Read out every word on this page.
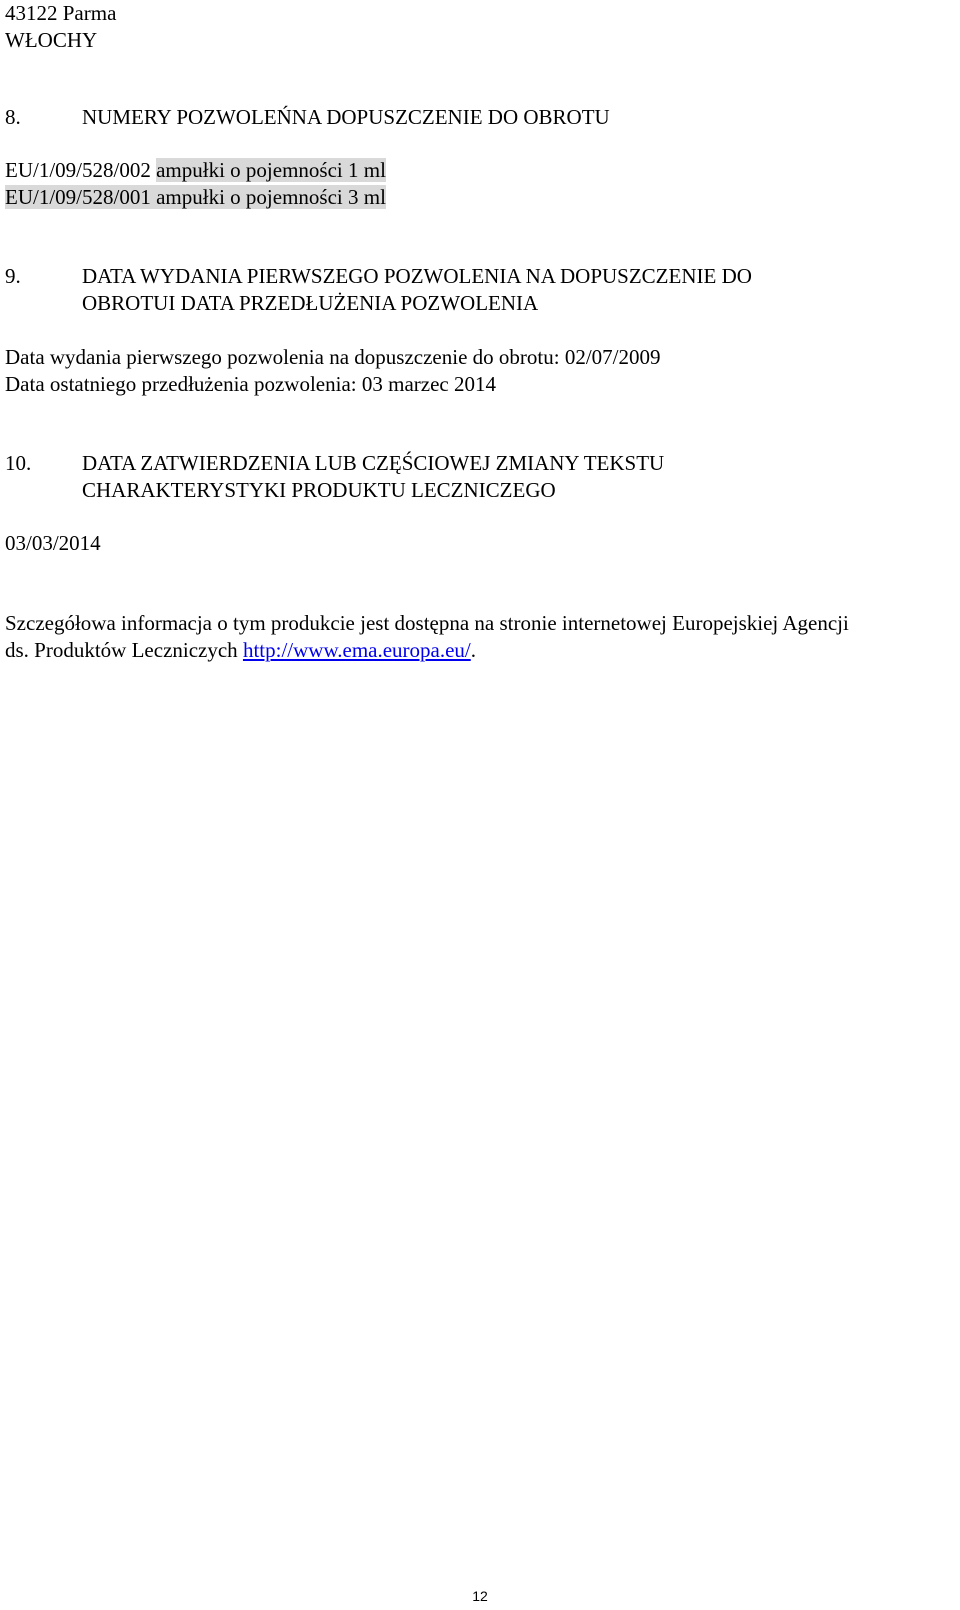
43122 Parma
WŁOCHY
8.	NUMERY POZWOLEŃNA DOPUSZCZENIE DO OBROTU
EU/1/09/528/002 ampułki o pojemności 1 ml
EU/1/09/528/001 ampułki o pojemności 3 ml
9.	DATA WYDANIA PIERWSZEGO POZWOLENIA NA DOPUSZCZENIE DO
OBROTUI DATA PRZEDŁUŻENIA POZWOLENIA
Data wydania pierwszego pozwolenia na dopuszczenie do obrotu: 02/07/2009
Data ostatniego przedłużenia pozwolenia: 03 marzec 2014
10. DATA ZATWIERDZENIA LUB CZĘŚCIOWEJ ZMIANY TEKSTU
CHARAKTERYSTYKI PRODUKTU LECZNICZEGO
03/03/2014
Szczegółowa informacja o tym produkcie jest dostępna na stronie internetowej Europejskiej Agencji
ds. Produktów Leczniczych http://www.ema.europa.eu/.
12
